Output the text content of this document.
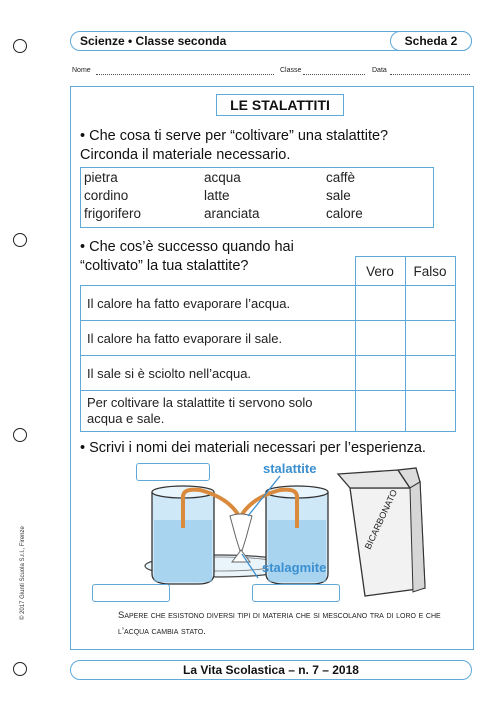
Scienze • Classe seconda	Scheda 2
Nome	Classe	Data
LE STALATTITI
• Che cosa ti serve per “coltivare” una stalattite?
Circonda il materiale necessario.
pietra	acqua	caffè
cordino	latte	sale
frigorifero	aranciata	calore
• Che cos’è successo quando hai
“coltivato” la tua stalattite?
		Vero	Falso
Il calore ha fatto evaporare l’acqua.		
Il calore ha fatto evaporare il sale.		
Il sale si è sciolto nell’acqua.		
Per coltivare la stalattite ti servono solo acqua e sale.		
• Scrivi i nomi dei materiali necessari per l’esperienza.
BICARBONATO
stalattite
stalagmite
Sapere che esistono diversi tipi di materia che si mescolano tra di loro e che l’acqua cambia stato.
© 2017 Giunti Scuola S.r.l., Firenze
La Vita Scolastica – n. 7 – 2018
